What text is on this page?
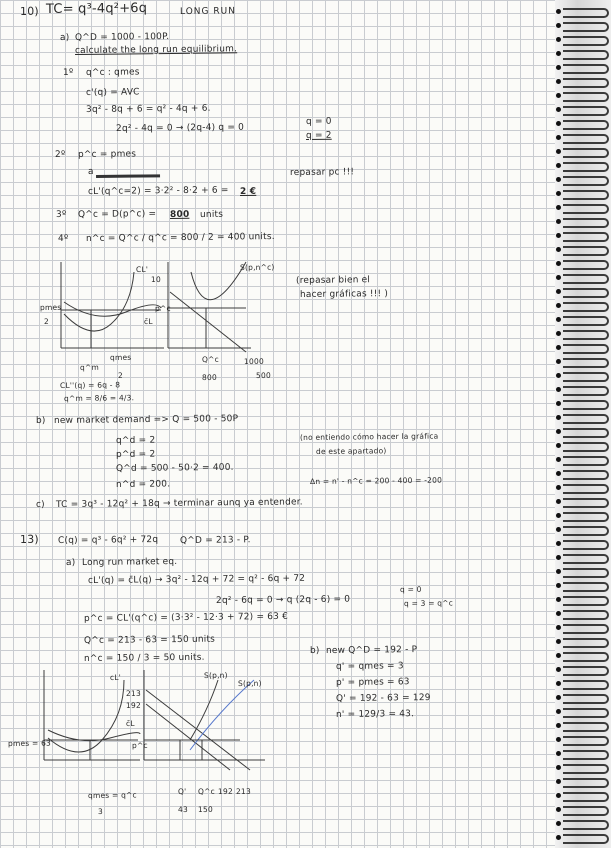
10) TC= q³-4q²+6q	LONG RUN
a) Q^D = 1000 - 100P.
calculate the long run equilibrium.
1º q^c : qmes
c'(q) = AVC
3q² - 8q + 6 = q² - 4q + 6.
2q² - 4q = 0 → (2q-4) q = 0
q = 0
q = 2
2º p^c = pmes
a
cL'(q^c=2) = 3·2² - 8·2 + 6 = 2 €
repasar pc !!!
3º Q^c = D(p^c) = 800 units
4º n^c = Q^c / q^c = 800 / 2 = 400 units.
CL'
10
pmes
2	c̄L
qmes
2
q^m
S(p,n^c)
p^c
Q^c
800
1000
500
(repasar bien el
hacer gráficas !!! )
CL''(q) = 6q - 8
q^m = 8/6 = 4/3.
b) new market demand => Q = 500 - 50P
q^d = 2
p^d = 2
Q^d = 500 - 50·2 = 400.
n^d = 200.
(no entiendo cómo hacer la gráfica
de este apartado)
Δn = n' - n^c = 200 - 400 = -200
c) TC = 3q³ - 12q² + 18q → terminar aunq ya entender.
13) C(q) = q³ - 6q² + 72q Q^D = 213 - P.
a) Long run market eq.
cL'(q) = c̄L(q) → 3q² - 12q + 72 = q² - 6q + 72
2q² - 6q = 0 → q (2q - 6) = 0
q = 0
q = 3 = q^c
p^c = CL'(q^c) = (3·3² - 12·3 + 72) = 63 €
Q^c = 213 - 63 = 150 units
n^c = 150 / 3 = 50 units.
b) new Q^D = 192 - P
q' = qmes = 3
p' = pmes = 63
Q' = 192 - 63 = 129
n' = 129/3 = 43.
cL'
c̄L
pmes = 63
213
192
p^c
S(p,n)
S(p,n)
qmes = q^c
3
Q' Q^c 192 213
43 150
